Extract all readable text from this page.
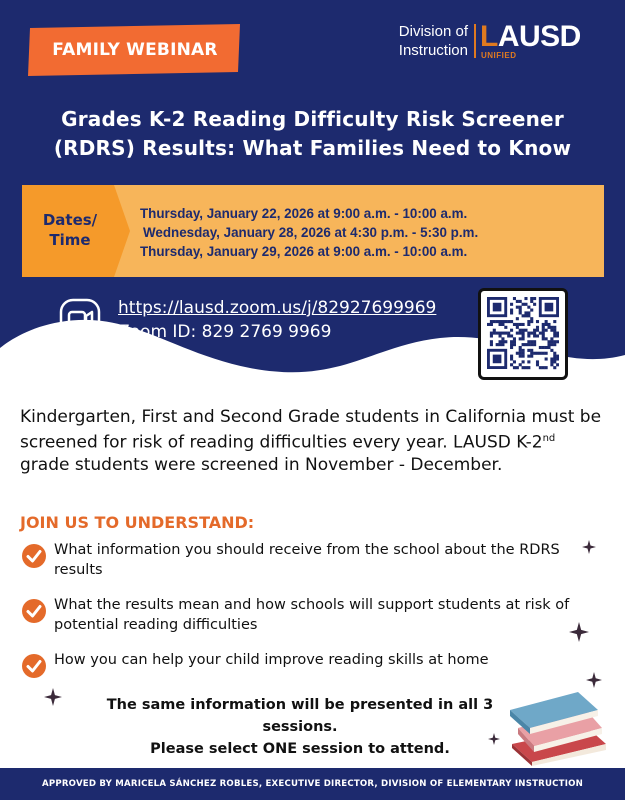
FAMILY WEBINAR
Division of
Instruction LAUSD
UNIFIED
Grades K-2 Reading Difficulty Risk Screener
(RDRS) Results: What Families Need to Know
Dates/
Time
Thursday, January 22, 2026 at 9:00 a.m. - 10:00 a.m.
Wednesday, January 28, 2026 at 4:30 p.m. - 5:30 p.m.
Thursday, January 29, 2026 at 9:00 a.m. - 10:00 a.m.
zoom
https://lausd.zoom.us/j/82927699969
Zoom ID: 829 2769 9969
Kindergarten, First and Second Grade students in California must be screened for risk of reading difficulties every year. LAUSD K-2nd grade students were screened in November - December.
JOIN US TO UNDERSTAND:
What information you should receive from the school about the RDRS results
What the results mean and how schools will support students at risk of potential reading difficulties
How you can help your child improve reading skills at home
The same information will be presented in all 3 sessions.
Please select ONE session to attend.
APPROVED BY MARICELA SÁNCHEZ ROBLES, EXECUTIVE DIRECTOR, DIVISION OF ELEMENTARY INSTRUCTION
